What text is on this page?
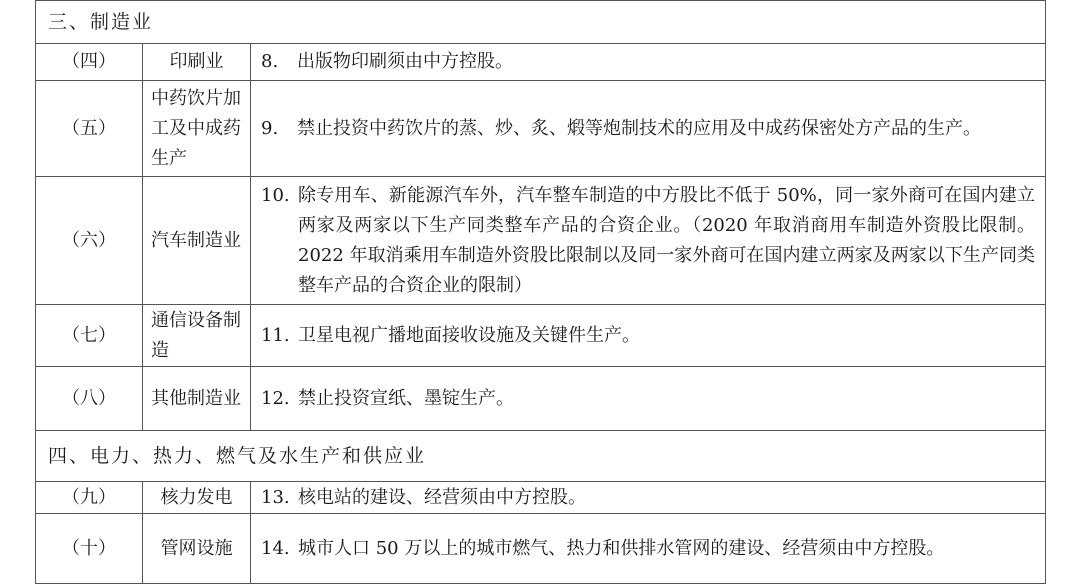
三、制造业		
（四）	印刷业	8. 出版物印刷须由中方控股。

（五）	中药饮片加工及中成药生产	9. 禁止投资中药饮片的蒸、炒、炙、煅等炮制技术的应用及中成药保密处方产品的生产。

（六）	汽车制造业	10. 除专用车、新能源汽车外，汽车整车制造的中方股比不低于 50%，同一家外商可在国内建立两家及两家以下生产同类整车产品的合资企业。（2020 年取消商用车制造外资股比限制。2022 年取消乘用车制造外资股比限制以及同一家外商可在国内建立两家及两家以下生产同类整车产品的合资企业的限制）

（七）	通信设备制造	11. 卫星电视广播地面接收设施及关键件生产。

（八）	其他制造业	12. 禁止投资宣纸、墨锭生产。

四、电力、热力、燃气及水生产和供应业		
（九）	核力发电	13. 核电站的建设、经营须由中方控股。

（十）	管网设施	14. 城市人口 50 万以上的城市燃气、热力和供排水管网的建设、经营须由中方控股。
